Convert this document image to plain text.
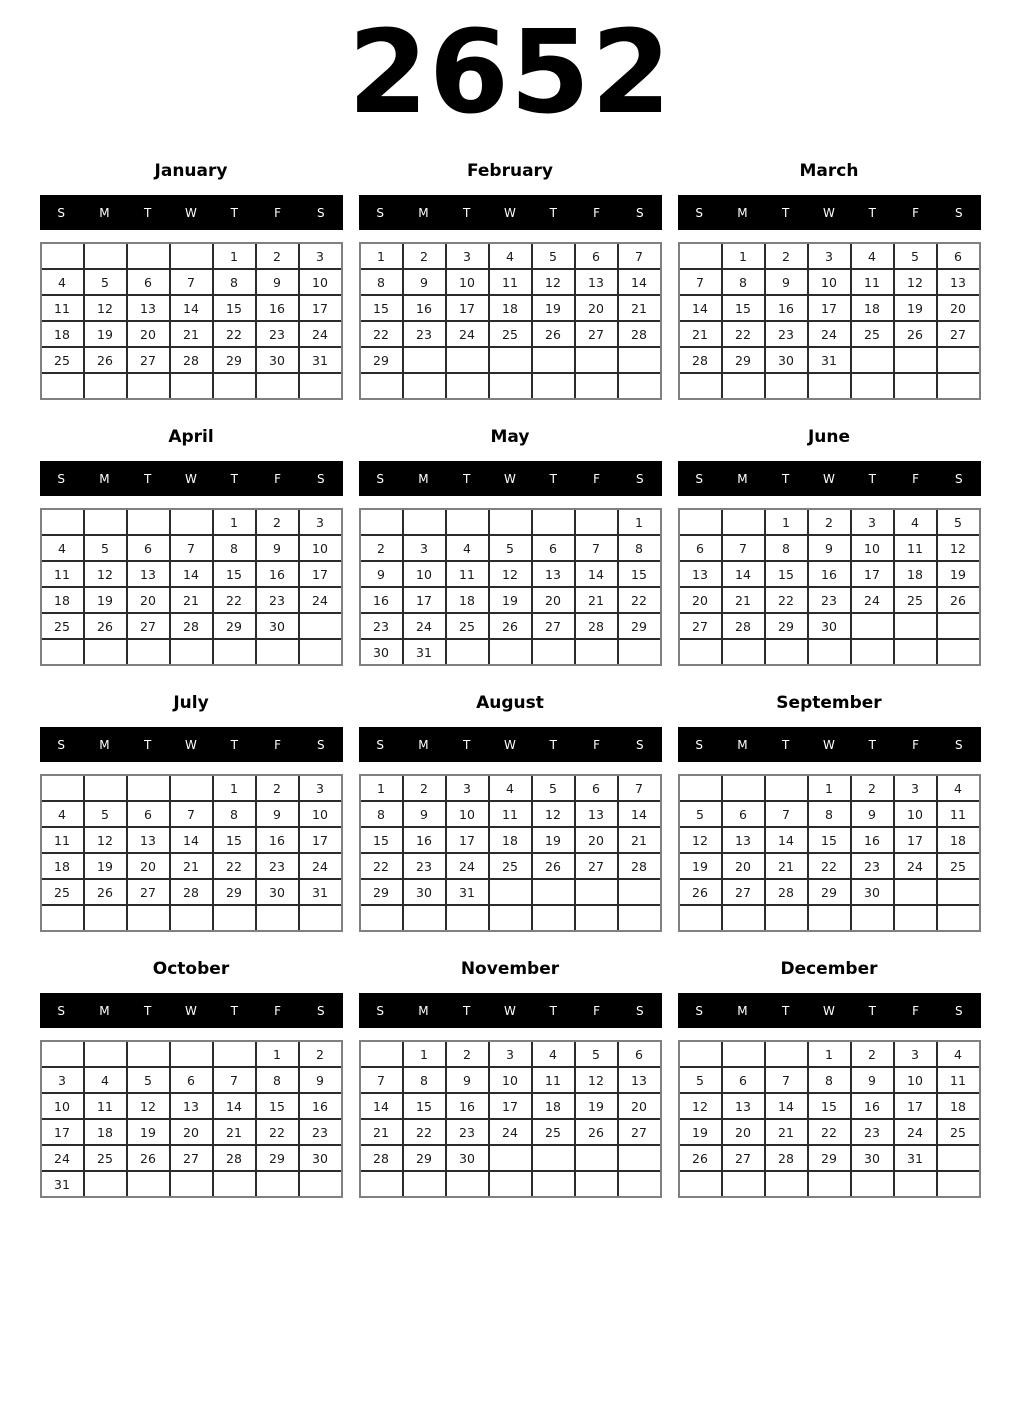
2652
January
S	M	T	W	T	F	S
				1	2	3
4	5	6	7	8	9	10
11	12	13	14	15	16	17
18	19	20	21	22	23	24
25	26	27	28	29	30	31

February
S	M	T	W	T	F	S
1	2	3	4	5	6	7
8	9	10	11	12	13	14
15	16	17	18	19	20	21
22	23	24	25	26	27	28
29						

March
S	M	T	W	T	F	S
	1	2	3	4	5	6
7	8	9	10	11	12	13
14	15	16	17	18	19	20
21	22	23	24	25	26	27
28	29	30	31			

April
S	M	T	W	T	F	S
				1	2	3
4	5	6	7	8	9	10
11	12	13	14	15	16	17
18	19	20	21	22	23	24
25	26	27	28	29	30	

May
S	M	T	W	T	F	S
						1
2	3	4	5	6	7	8
9	10	11	12	13	14	15
16	17	18	19	20	21	22
23	24	25	26	27	28	29
30	31					
June
S	M	T	W	T	F	S
		1	2	3	4	5
6	7	8	9	10	11	12
13	14	15	16	17	18	19
20	21	22	23	24	25	26
27	28	29	30			

July
S	M	T	W	T	F	S
				1	2	3
4	5	6	7	8	9	10
11	12	13	14	15	16	17
18	19	20	21	22	23	24
25	26	27	28	29	30	31

August
S	M	T	W	T	F	S
1	2	3	4	5	6	7
8	9	10	11	12	13	14
15	16	17	18	19	20	21
22	23	24	25	26	27	28
29	30	31				

September
S	M	T	W	T	F	S
			1	2	3	4
5	6	7	8	9	10	11
12	13	14	15	16	17	18
19	20	21	22	23	24	25
26	27	28	29	30		

October
S	M	T	W	T	F	S
					1	2
3	4	5	6	7	8	9
10	11	12	13	14	15	16
17	18	19	20	21	22	23
24	25	26	27	28	29	30
31						
November
S	M	T	W	T	F	S
	1	2	3	4	5	6
7	8	9	10	11	12	13
14	15	16	17	18	19	20
21	22	23	24	25	26	27
28	29	30				

December
S	M	T	W	T	F	S
			1	2	3	4
5	6	7	8	9	10	11
12	13	14	15	16	17	18
19	20	21	22	23	24	25
26	27	28	29	30	31	
